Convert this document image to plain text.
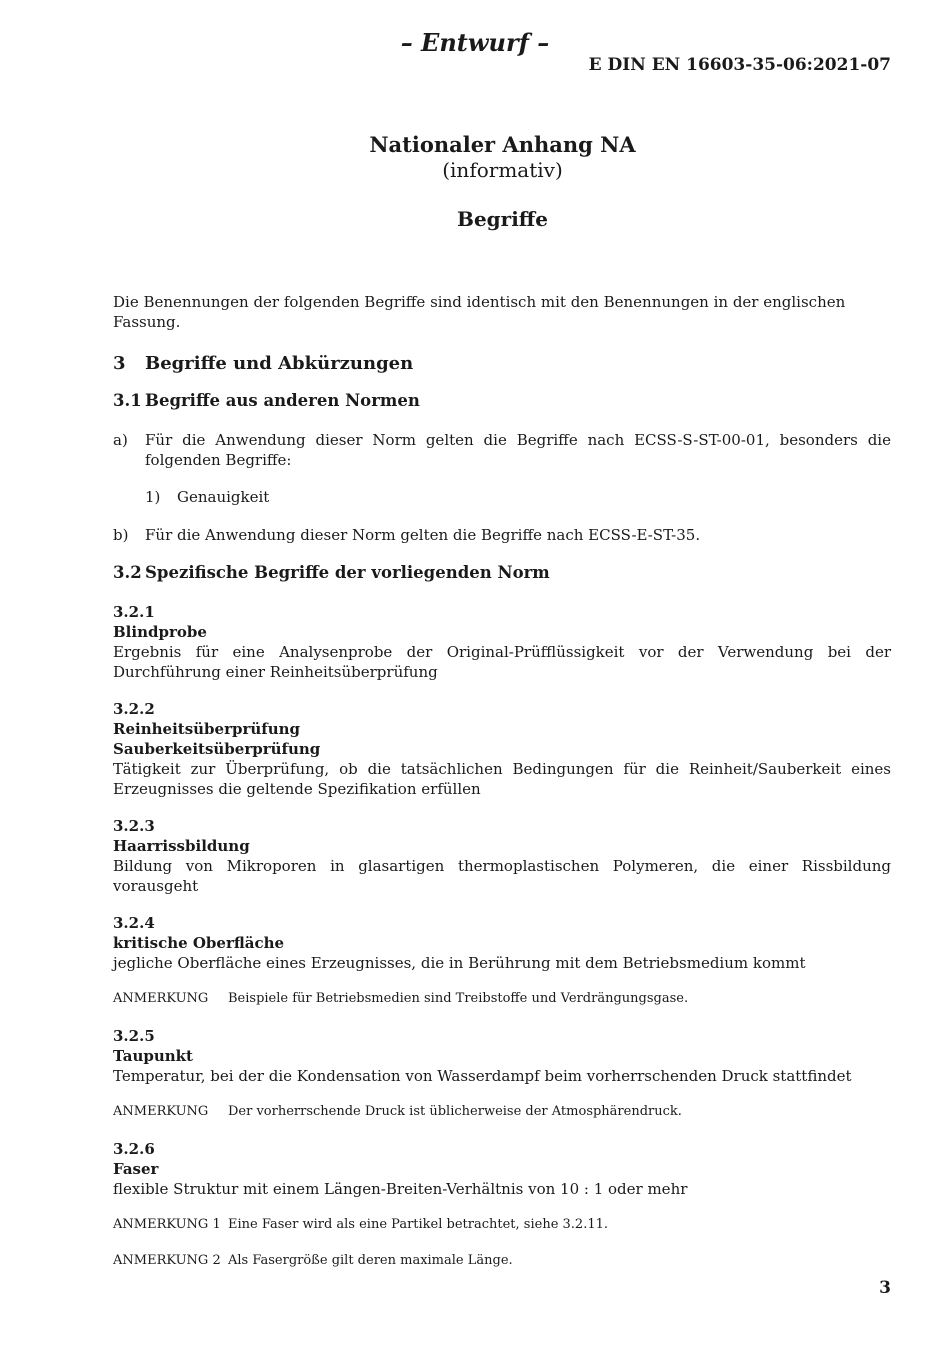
– Entwurf –
E DIN EN 16603-35-06:2021-07
Nationaler Anhang NA
(informativ)
Begriffe

Die Benennungen der folgenden Begriffe sind identisch mit den Benennungen in der englischen Fassung.

3	Begriffe und Abkürzungen
3.1 Begriffe aus anderen Normen
a)	Für die Anwendung dieser Norm gelten die Begriffe nach ECSS-S-ST-00-01, besonders die folgenden Begriffe:
1)	Genauigkeit
b)	Für die Anwendung dieser Norm gelten die Begriffe nach ECSS-E-ST-35.
3.2 Spezifische Begriffe der vorliegenden Norm
3.2.1
Blindprobe
Ergebnis für eine Analysenprobe der Original-Prüfflüssigkeit vor der Verwendung bei der Durchführung einer Reinheitsüberprüfung
3.2.2
Reinheitsüberprüfung
Sauberkeitsüberprüfung
Tätigkeit zur Überprüfung, ob die tatsächlichen Bedingungen für die Reinheit/Sauberkeit eines Erzeugnisses die geltende Spezifikation erfüllen
3.2.3
Haarrissbildung
Bildung von Mikroporen in glasartigen thermoplastischen Polymeren, die einer Rissbildung vorausgeht
3.2.4
kritische Oberfläche
jegliche Oberfläche eines Erzeugnisses, die in Berührung mit dem Betriebsmedium kommt
ANMERKUNG	Beispiele für Betriebsmedien sind Treibstoffe und Verdrängungsgase.
3.2.5
Taupunkt
Temperatur, bei der die Kondensation von Wasserdampf beim vorherrschenden Druck stattfindet
ANMERKUNG	Der vorherrschende Druck ist üblicherweise der Atmosphärendruck.
3.2.6
Faser
flexible Struktur mit einem Längen-Breiten-Verhältnis von 10 : 1 oder mehr
ANMERKUNG 1 Eine Faser wird als eine Partikel betrachtet, siehe 3.2.11.
ANMERKUNG 2 Als Fasergröße gilt deren maximale Länge.
3
